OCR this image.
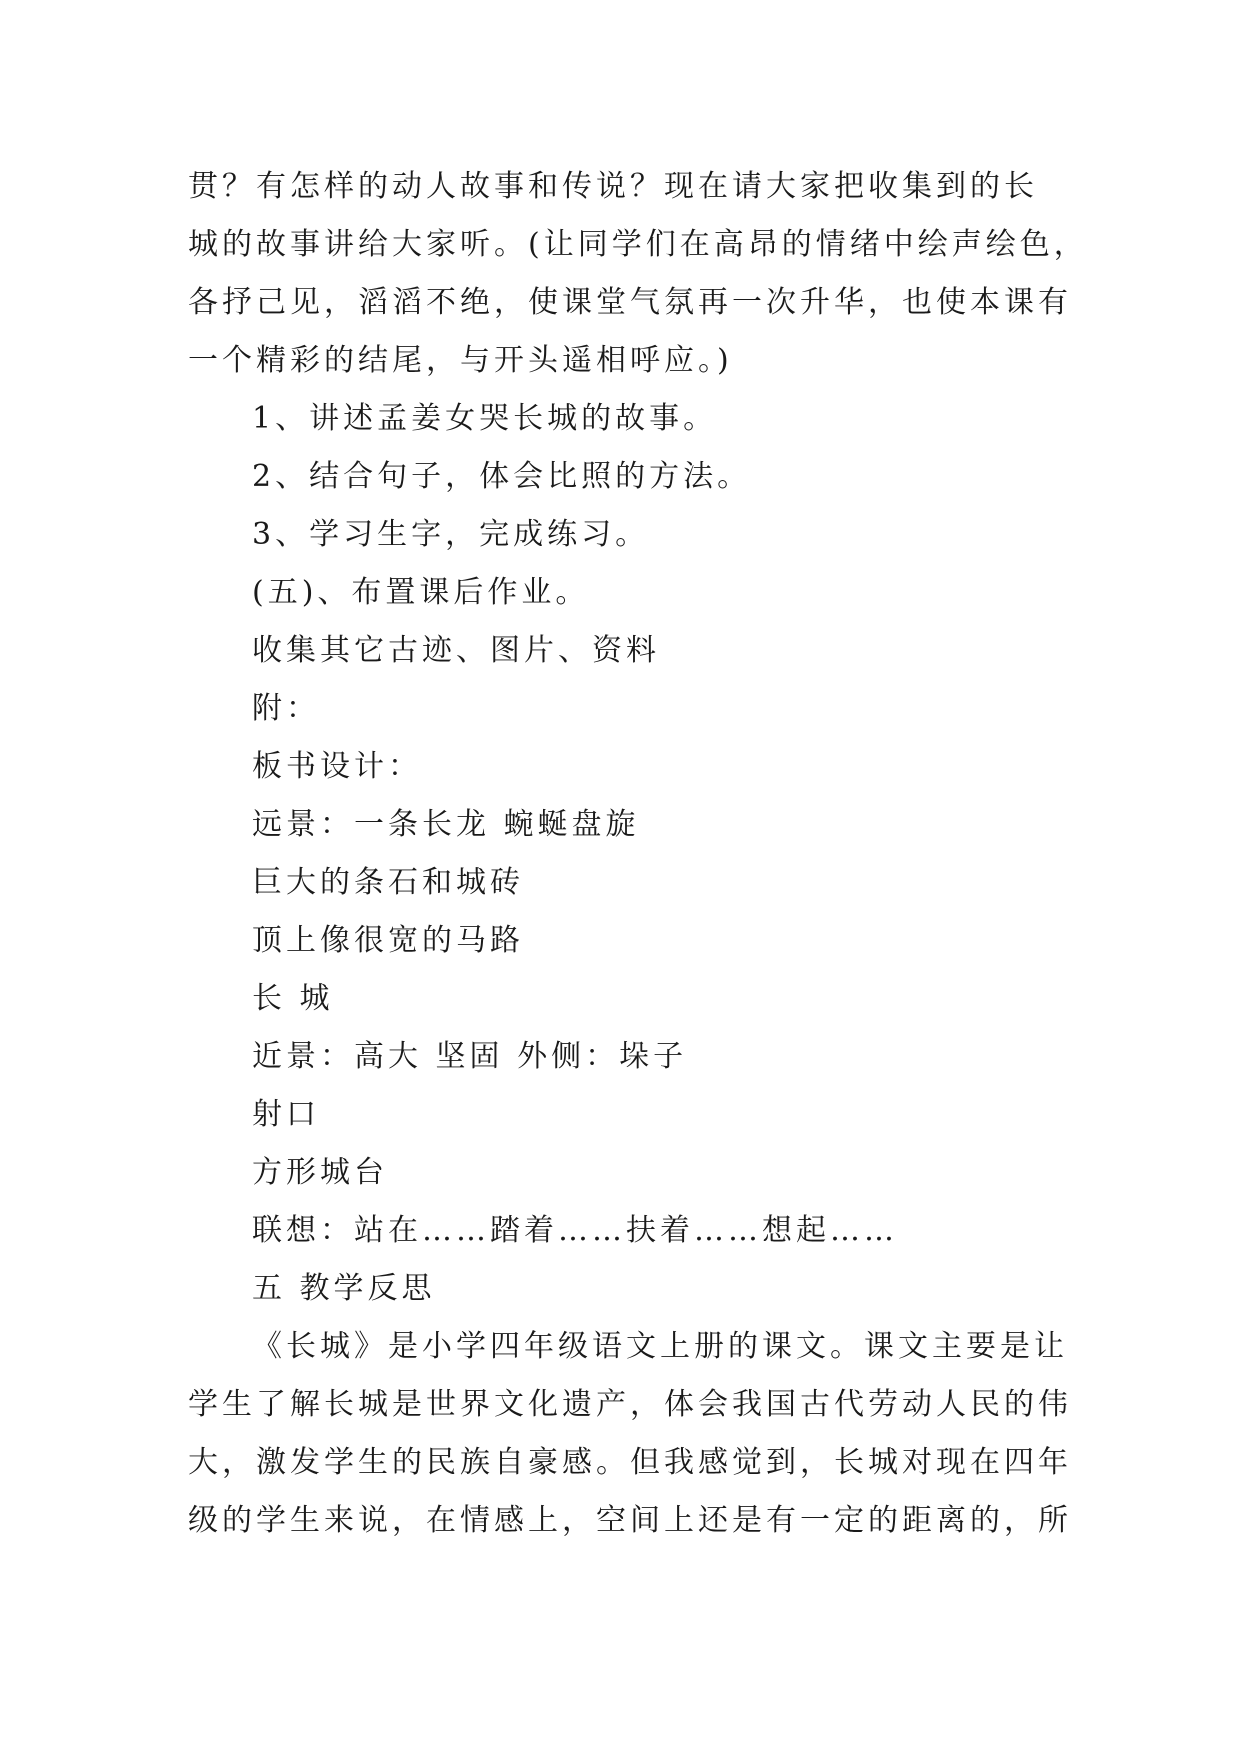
贯？有怎样的动人故事和传说？现在请大家把收集到的长
城的故事讲给大家听。(让同学们在高昂的情绪中绘声绘色，
各抒己见，滔滔不绝，使课堂气氛再一次升华，也使本课有
一个精彩的结尾，与开头遥相呼应。)
1、讲述孟姜女哭长城的故事。
2、结合句子，体会比照的方法。
3、学习生字，完成练习。
(五)、布置课后作业。
收集其它古迹、图片、资料
附：
板书设计：
远景：一条长龙 蜿蜒盘旋
巨大的条石和城砖
顶上像很宽的马路
长 城
近景：高大 坚固 外侧：垛子
射口
方形城台
联想：站在……踏着……扶着……想起……
五 教学反思
《长城》是小学四年级语文上册的课文。课文主要是让
学生了解长城是世界文化遗产，体会我国古代劳动人民的伟
大，激发学生的民族自豪感。但我感觉到，长城对现在四年
级的学生来说，在情感上，空间上还是有一定的距离的，所
